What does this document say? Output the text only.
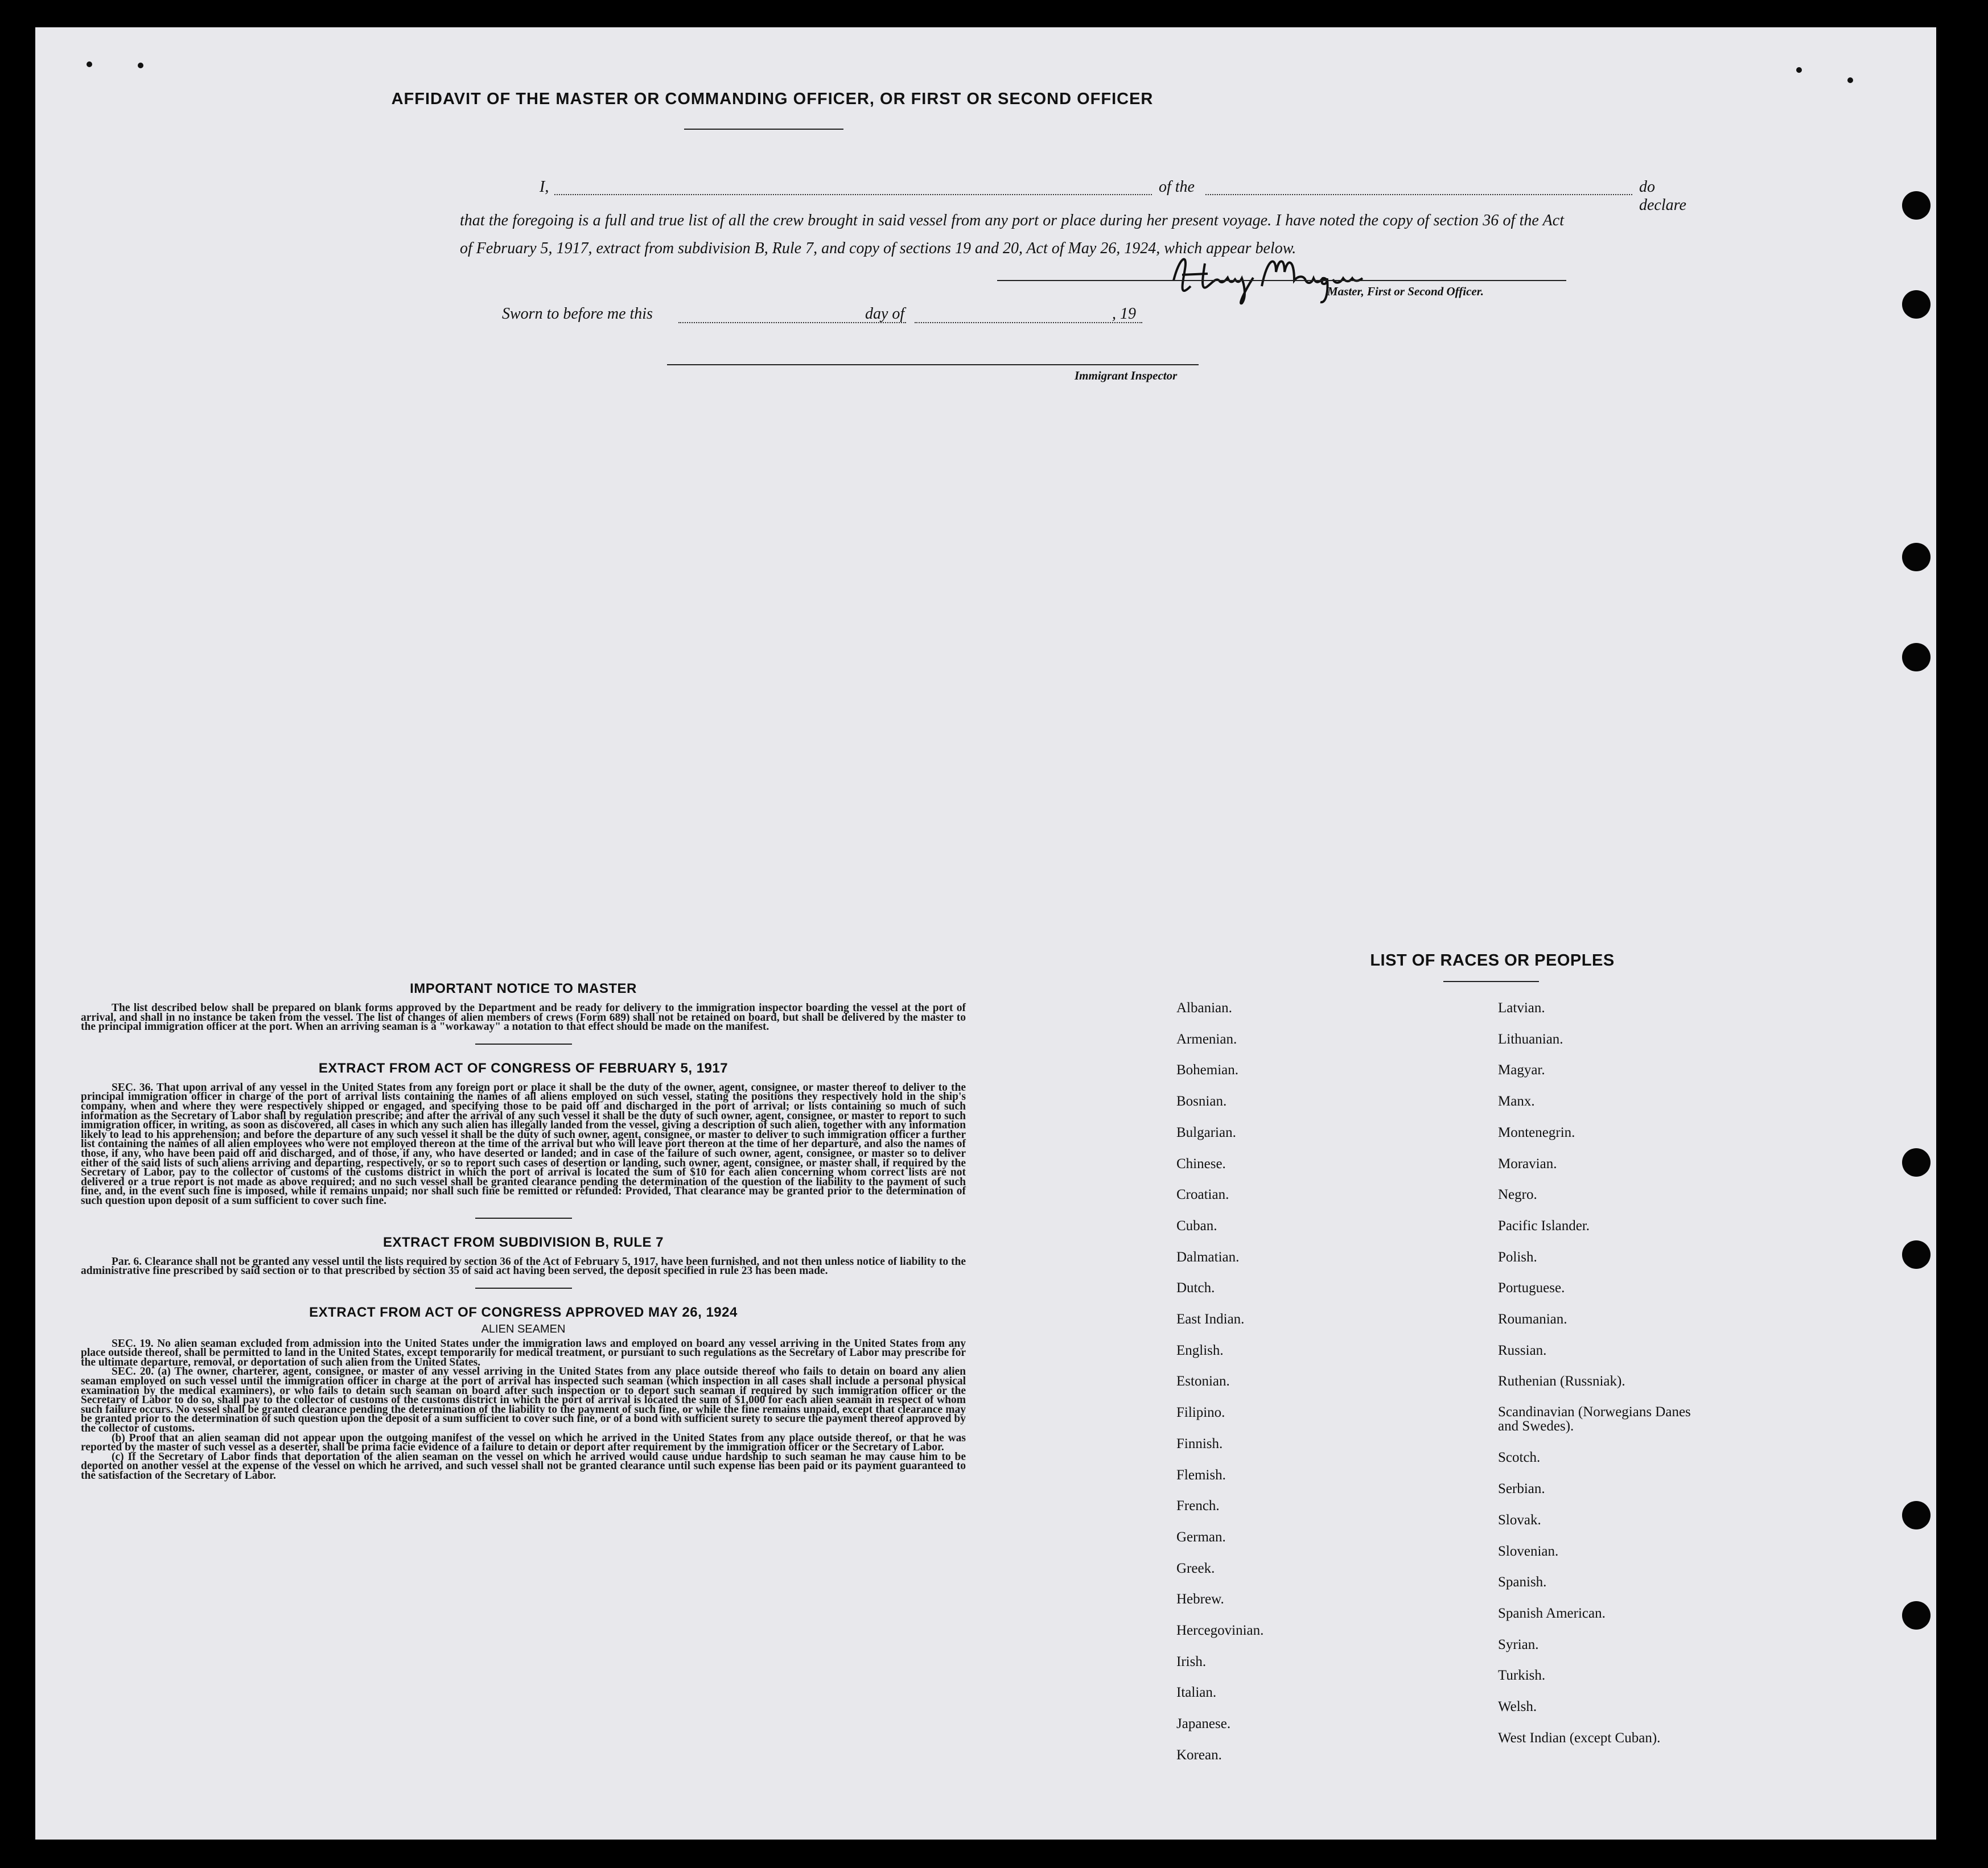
AFFIDAVIT OF THE MASTER OR COMMANDING OFFICER, OR FIRST OR SECOND OFFICER
I,	of the	do declare
that the foregoing is a full and true list of all the crew brought in said vessel from any port or place during her present voyage. I have noted the copy of section 36 of the Act of February 5, 1917, extract from subdivision B, Rule 7, and copy of sections 19 and 20, Act of May 26, 1924, which appear below.
Master, First or Second Officer.
Sworn to before me this	day of	, 19
Immigrant Inspector
IMPORTANT NOTICE TO MASTER

The list described below shall be prepared on blank forms approved by the Department and be ready for delivery to the immigration inspector boarding the vessel at the port of arrival, and shall in no instance be taken from the vessel. The list of changes of alien members of crews (Form 689) shall not be retained on board, but shall be delivered by the master to the principal immigration officer at the port. When an arriving seaman is a "workaway" a notation to that effect should be made on the manifest.

EXTRACT FROM ACT OF CONGRESS OF FEBRUARY 5, 1917

SEC. 36. That upon arrival of any vessel in the United States from any foreign port or place it shall be the duty of the owner, agent, consignee, or master thereof to deliver to the principal immigration officer in charge of the port of arrival lists containing the names of all aliens employed on such vessel, stating the positions they respectively hold in the ship's company, when and where they were respectively shipped or engaged, and specifying those to be paid off and discharged in the port of arrival; or lists containing so much of such information as the Secretary of Labor shall by regulation prescribe; and after the arrival of any such vessel it shall be the duty of such owner, agent, consignee, or master to report to such immigration officer, in writing, as soon as discovered, all cases in which any such alien has illegally landed from the vessel, giving a description of such alien, together with any information likely to lead to his apprehension; and before the departure of any such vessel it shall be the duty of such owner, agent, consignee, or master to deliver to such immigration officer a further list containing the names of all alien employees who were not employed thereon at the time of the arrival but who will leave port thereon at the time of her departure, and also the names of those, if any, who have been paid off and discharged, and of those, if any, who have deserted or landed; and in case of the failure of such owner, agent, consignee, or master so to deliver either of the said lists of such aliens arriving and departing, respectively, or so to report such cases of desertion or landing, such owner, agent, consignee, or master shall, if required by the Secretary of Labor, pay to the collector of customs of the customs district in which the port of arrival is located the sum of $10 for each alien concerning whom correct lists are not delivered or a true report is not made as above required; and no such vessel shall be granted clearance pending the determination of the question of the liability to the payment of such fine, and, in the event such fine is imposed, while it remains unpaid; nor shall such fine be remitted or refunded: Provided, That clearance may be granted prior to the determination of such question upon deposit of a sum sufficient to cover such fine.

EXTRACT FROM SUBDIVISION B, RULE 7

Par. 6. Clearance shall not be granted any vessel until the lists required by section 36 of the Act of February 5, 1917, have been furnished, and not then unless notice of liability to the administrative fine prescribed by said section or to that prescribed by section 35 of said act having been served, the deposit specified in rule 23 has been made.

EXTRACT FROM ACT OF CONGRESS APPROVED MAY 26, 1924
ALIEN SEAMEN

SEC. 19. No alien seaman excluded from admission into the United States under the immigration laws and employed on board any vessel arriving in the United States from any place outside thereof, shall be permitted to land in the United States, except temporarily for medical treatment, or pursuant to such regulations as the Secretary of Labor may prescribe for the ultimate departure, removal, or deportation of such alien from the United States.

SEC. 20. (a) The owner, charterer, agent, consignee, or master of any vessel arriving in the United States from any place outside thereof who fails to detain on board any alien seaman employed on such vessel until the immigration officer in charge at the port of arrival has inspected such seaman (which inspection in all cases shall include a personal physical examination by the medical examiners), or who fails to detain such seaman on board after such inspection or to deport such seaman if required by such immigration officer or the Secretary of Labor to do so, shall pay to the collector of customs of the customs district in which the port of arrival is located the sum of $1,000 for each alien seaman in respect of whom such failure occurs. No vessel shall be granted clearance pending the determination of the liability to the payment of such fine, or while the fine remains unpaid, except that clearance may be granted prior to the determination of such question upon the deposit of a sum sufficient to cover such fine, or of a bond with sufficient surety to secure the payment thereof approved by the collector of customs.

(b) Proof that an alien seaman did not appear upon the outgoing manifest of the vessel on which he arrived in the United States from any place outside thereof, or that he was reported by the master of such vessel as a deserter, shall be prima facie evidence of a failure to detain or deport after requirement by the immigration officer or the Secretary of Labor.

(c) If the Secretary of Labor finds that deportation of the alien seaman on the vessel on which he arrived would cause undue hardship to such seaman he may cause him to be deported on another vessel at the expense of the vessel on which he arrived, and such vessel shall not be granted clearance until such expense has been paid or its payment guaranteed to the satisfaction of the Secretary of Labor.

LIST OF RACES OR PEOPLES
Albanian.
Armenian.
Bohemian.
Bosnian.
Bulgarian.
Chinese.
Croatian.
Cuban.
Dalmatian.
Dutch.
East Indian.
English.
Estonian.
Filipino.
Finnish.
Flemish.
French.
German.
Greek.
Hebrew.
Hercegovinian.
Irish.
Italian.
Japanese.
Korean.
Latvian.
Lithuanian.
Magyar.
Manx.
Montenegrin.
Moravian.
Negro.
Pacific Islander.
Polish.
Portuguese.
Roumanian.
Russian.
Ruthenian (Russniak).
Scandinavian (Norwegians Danes and Swedes).
Scotch.
Serbian.
Slovak.
Slovenian.
Spanish.
Spanish American.
Syrian.
Turkish.
Welsh.
West Indian (except Cuban).
